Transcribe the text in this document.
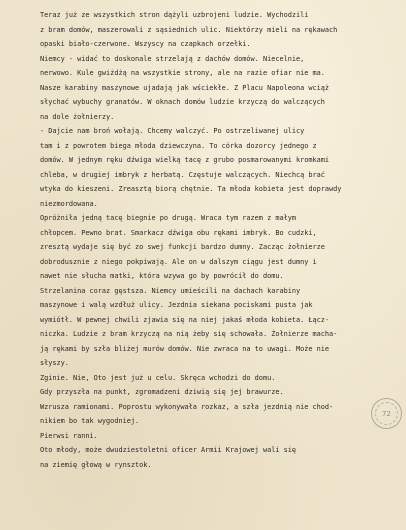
Teraz już ze wszystkich stron dążyli uzbrojeni ludzie. Wychodzili
z bram domów, maszerowali z sąsiednich ulic. Niektórzy mieli na rękawach
opaski biało-czerwone. Wszyscy na czapkach orzełki.

Niemcy - widać to doskonale strzelają z dachów domów. Niecelnie,
nerwowo. Kule gwiżdżą na wszystkie strony, ale na razie ofiar nie ma.
Nasze karabiny maszynowe ujadają jak wściekłe. Z Placu Napoleona wciąż
słychać wybuchy granatów. W oknach domów ludzie krzyczą do walczących
na dole żołnierzy.

- Dajcie nam broń wołają. Chcemy walczyć. Po ostrzeliwanej ulicy
tam i z powrotem biega młoda dziewczyna. To córka dozorcy jednego z
domów. W jednym ręku dźwiga wielką tacę z grubo posmarowanymi kromkami
chleba, w drugiej imbryk z herbatą. Częstuje walczących. Niechcą brać
wtyka do kieszeni. Zreasztą biorą chętnie. Ta młoda kobieta jest doprawdy
niezmordowana.

Opróżniła jedną tacę biegnie po drugą. Wraca tym razem z małym
chłopcem. Pewno brat. Smarkacz dźwiga obu rękami imbryk. Bo cudzki,
zresztą wydaje się być zo swej funkcji bardzo dumny. Zacząc żołnierze
dobrodusznie z niego pokpiwają. Ale on w dalszym ciągu jest dumny i
nawet nie słucha matki, która wzywa go by powrócił do domu.

Strzelanina coraz gęstsza. Niemcy umieścili na dachach karabiny
maszynowe i walą wzdłuż ulicy. Jezdnia siekana pociskami pusta jak
wymiótł. W pewnej chwili zjawia się na niej jakaś młoda kobieta. Łącz-
niczka. Ludzie z bram krzyczą na nią żeby się schowała. Żołnierze macha-
ją rękami by szła bliżej murów domów. Nie zwraca na to uwagi. Może nie
słyszy.

Zginie. Nie, Oto jest już u celu. Skręca wchodzi do domu.

Gdy przyszła na punkt, zgromadzeni dziwią się jej brawurze.
Wzrusza ramionami. Poprostu wykonywała rozkaz, a szła jezdnią nie chod-
nikiem bo tak wygodniej.

Pierwsi ranni.

Oto młody, może dwudziestoletni oficer Armii Krajowej wali się
na ziemię głową w rynsztok.

72
